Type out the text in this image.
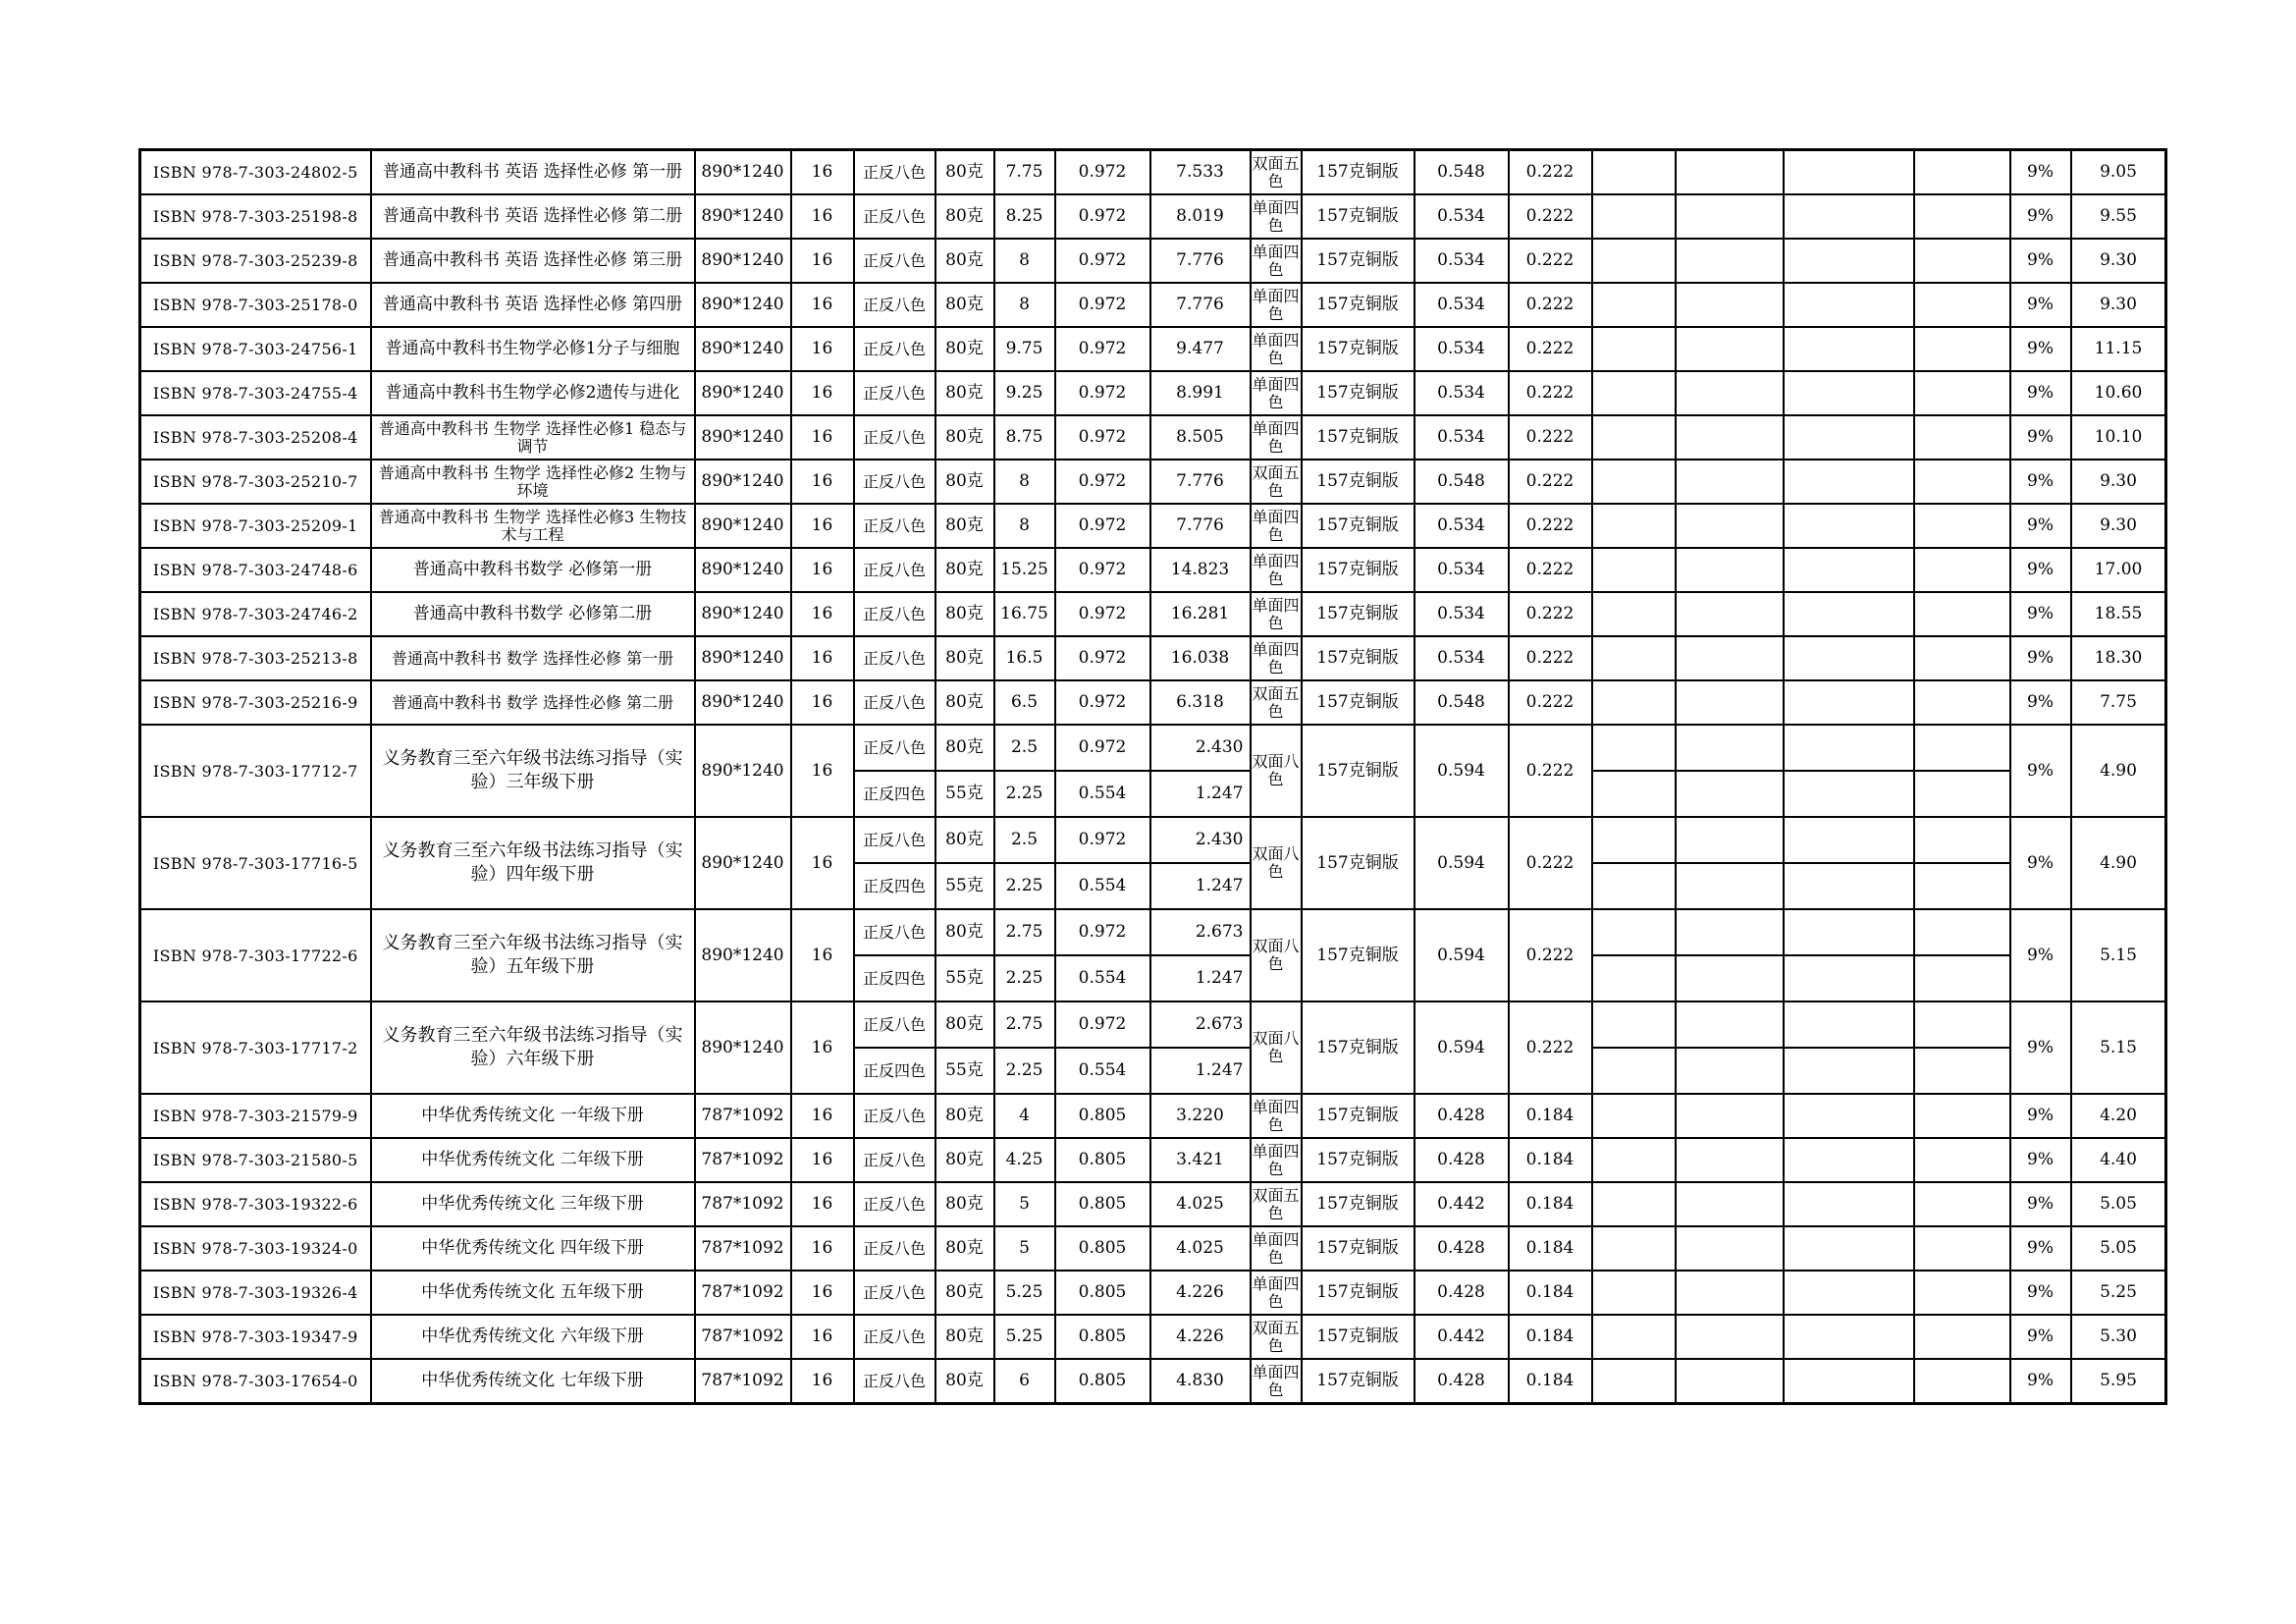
ISBN 978-7-303-24802-5	普通高中教科书 英语 选择性必修 第一册	890*1240	16	正反八色	80克	7.75	0.972	7.533	双面五色	157克铜版	0.548	0.222					9%	9.05	
ISBN 978-7-303-25198-8	普通高中教科书 英语 选择性必修 第二册	890*1240	16	正反八色	80克	8.25	0.972	8.019	单面四色	157克铜版	0.534	0.222					9%	9.55	
ISBN 978-7-303-25239-8	普通高中教科书 英语 选择性必修 第三册	890*1240	16	正反八色	80克	8	0.972	7.776	单面四色	157克铜版	0.534	0.222					9%	9.30	
ISBN 978-7-303-25178-0	普通高中教科书 英语 选择性必修 第四册	890*1240	16	正反八色	80克	8	0.972	7.776	单面四色	157克铜版	0.534	0.222					9%	9.30	
ISBN 978-7-303-24756-1	普通高中教科书生物学必修1分子与细胞	890*1240	16	正反八色	80克	9.75	0.972	9.477	单面四色	157克铜版	0.534	0.222					9%	11.15	
ISBN 978-7-303-24755-4	普通高中教科书生物学必修2遗传与进化	890*1240	16	正反八色	80克	9.25	0.972	8.991	单面四色	157克铜版	0.534	0.222					9%	10.60	
ISBN 978-7-303-25208-4	普通高中教科书 生物学 选择性必修1 稳态与调节	890*1240	16	正反八色	80克	8.75	0.972	8.505	单面四色	157克铜版	0.534	0.222					9%	10.10	
ISBN 978-7-303-25210-7	普通高中教科书 生物学 选择性必修2 生物与环境	890*1240	16	正反八色	80克	8	0.972	7.776	双面五色	157克铜版	0.548	0.222					9%	9.30	
ISBN 978-7-303-25209-1	普通高中教科书 生物学 选择性必修3 生物技术与工程	890*1240	16	正反八色	80克	8	0.972	7.776	单面四色	157克铜版	0.534	0.222					9%	9.30	
ISBN 978-7-303-24748-6	普通高中教科书数学 必修第一册	890*1240	16	正反八色	80克	15.25	0.972	14.823	单面四色	157克铜版	0.534	0.222					9%	17.00	
ISBN 978-7-303-24746-2	普通高中教科书数学 必修第二册	890*1240	16	正反八色	80克	16.75	0.972	16.281	单面四色	157克铜版	0.534	0.222					9%	18.55	
ISBN 978-7-303-25213-8	普通高中教科书 数学 选择性必修 第一册	890*1240	16	正反八色	80克	16.5	0.972	16.038	单面四色	157克铜版	0.534	0.222					9%	18.30	
ISBN 978-7-303-25216-9	普通高中教科书 数学 选择性必修 第二册	890*1240	16	正反八色	80克	6.5	0.972	6.318	双面五色	157克铜版	0.548	0.222					9%	7.75	
ISBN 978-7-303-17712-7	义务教育三至六年级书法练习指导（实验）三年级下册	890*1240	16	正反八色	80克	2.5	0.972	2.430	双面八色	157克铜版	0.594	0.222					9%	4.90	
				正反四色	55克	2.25	0.554	1.247											
ISBN 978-7-303-17716-5	义务教育三至六年级书法练习指导（实验）四年级下册	890*1240	16	正反八色	80克	2.5	0.972	2.430	双面八色	157克铜版	0.594	0.222					9%	4.90	
				正反四色	55克	2.25	0.554	1.247											
ISBN 978-7-303-17722-6	义务教育三至六年级书法练习指导（实验）五年级下册	890*1240	16	正反八色	80克	2.75	0.972	2.673	双面八色	157克铜版	0.594	0.222					9%	5.15	
				正反四色	55克	2.25	0.554	1.247											
ISBN 978-7-303-17717-2	义务教育三至六年级书法练习指导（实验）六年级下册	890*1240	16	正反八色	80克	2.75	0.972	2.673	双面八色	157克铜版	0.594	0.222					9%	5.15	
				正反四色	55克	2.25	0.554	1.247											
ISBN 978-7-303-21579-9	中华优秀传统文化 一年级下册	787*1092	16	正反八色	80克	4	0.805	3.220	单面四色	157克铜版	0.428	0.184					9%	4.20	
ISBN 978-7-303-21580-5	中华优秀传统文化 二年级下册	787*1092	16	正反八色	80克	4.25	0.805	3.421	单面四色	157克铜版	0.428	0.184					9%	4.40	
ISBN 978-7-303-19322-6	中华优秀传统文化 三年级下册	787*1092	16	正反八色	80克	5	0.805	4.025	双面五色	157克铜版	0.442	0.184					9%	5.05	
ISBN 978-7-303-19324-0	中华优秀传统文化 四年级下册	787*1092	16	正反八色	80克	5	0.805	4.025	单面四色	157克铜版	0.428	0.184					9%	5.05	
ISBN 978-7-303-19326-4	中华优秀传统文化 五年级下册	787*1092	16	正反八色	80克	5.25	0.805	4.226	单面四色	157克铜版	0.428	0.184					9%	5.25	
ISBN 978-7-303-19347-9	中华优秀传统文化 六年级下册	787*1092	16	正反八色	80克	5.25	0.805	4.226	双面五色	157克铜版	0.442	0.184					9%	5.30	
ISBN 978-7-303-17654-0	中华优秀传统文化 七年级下册	787*1092	16	正反八色	80克	6	0.805	4.830	单面四色	157克铜版	0.428	0.184					9%	5.95	
